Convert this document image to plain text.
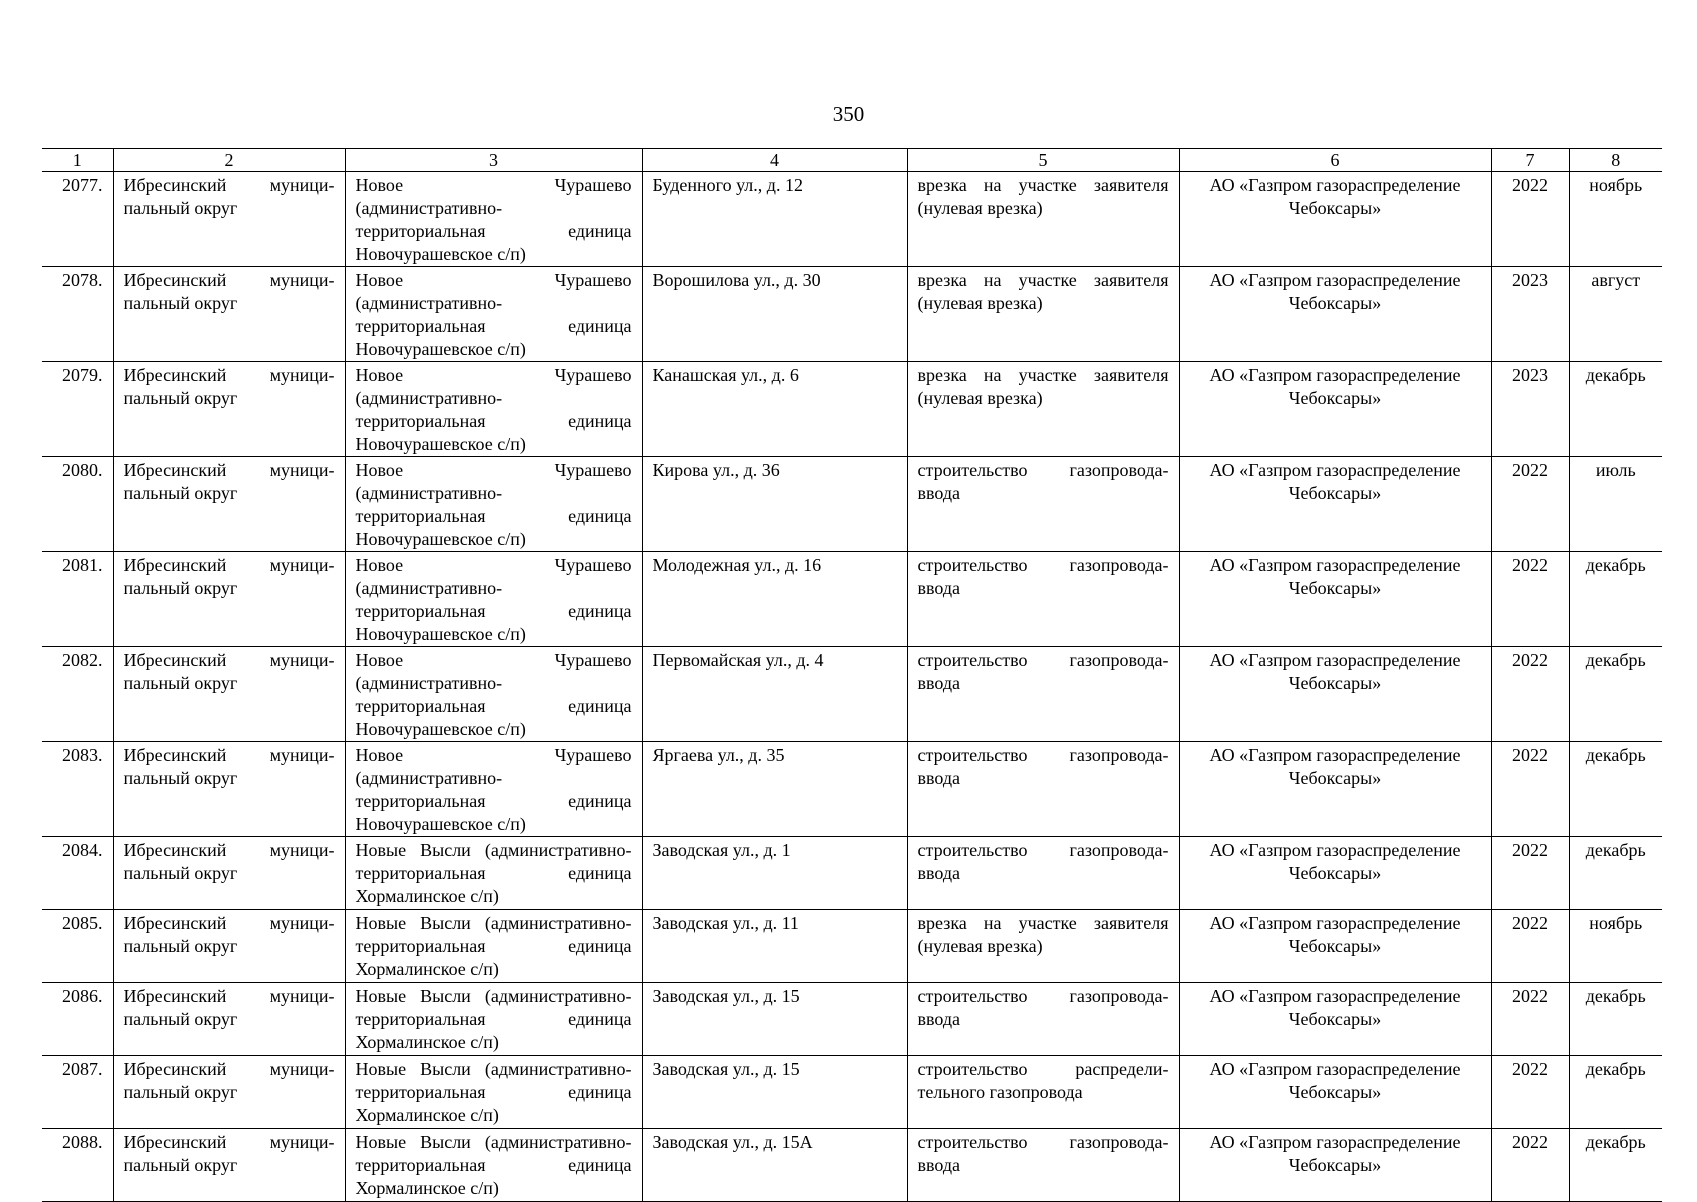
350
1	2	3	4	5	6	7	8
2077.	Ибресинский муници-пальный округ	Новое Чурашево (административно-территориальная единица Новочурашевское с/п)	Буденного ул., д. 12	врезка на участке заявителя (нулевая врезка)	АО «Газпром газораспределение Чебоксары»	2022	ноябрь
2078.	Ибресинский муници-пальный округ	Новое Чурашево (административно-территориальная единица Новочурашевское с/п)	Ворошилова ул., д. 30	врезка на участке заявителя (нулевая врезка)	АО «Газпром газораспределение Чебоксары»	2023	август
2079.	Ибресинский муници-пальный округ	Новое Чурашево (административно-территориальная единица Новочурашевское с/п)	Канашская ул., д. 6	врезка на участке заявителя (нулевая врезка)	АО «Газпром газораспределение Чебоксары»	2023	декабрь
2080.	Ибресинский муници-пальный округ	Новое Чурашево (административно-территориальная единица Новочурашевское с/п)	Кирова ул., д. 36	строительство газопровода-ввода	АО «Газпром газораспределение Чебоксары»	2022	июль
2081.	Ибресинский муници-пальный округ	Новое Чурашево (административно-территориальная единица Новочурашевское с/п)	Молодежная ул., д. 16	строительство газопровода-ввода	АО «Газпром газораспределение Чебоксары»	2022	декабрь
2082.	Ибресинский муници-пальный округ	Новое Чурашево (административно-территориальная единица Новочурашевское с/п)	Первомайская ул., д. 4	строительство газопровода-ввода	АО «Газпром газораспределение Чебоксары»	2022	декабрь
2083.	Ибресинский муници-пальный округ	Новое Чурашево (административно-территориальная единица Новочурашевское с/п)	Яргаева ул., д. 35	строительство газопровода-ввода	АО «Газпром газораспределение Чебоксары»	2022	декабрь
2084.	Ибресинский муници-пальный округ	Новые Высли (административно-территориальная единица Хормалинское с/п)	Заводская ул., д. 1	строительство газопровода-ввода	АО «Газпром газораспределение Чебоксары»	2022	декабрь
2085.	Ибресинский муници-пальный округ	Новые Высли (административно-территориальная единица Хормалинское с/п)	Заводская ул., д. 11	врезка на участке заявителя (нулевая врезка)	АО «Газпром газораспределение Чебоксары»	2022	ноябрь
2086.	Ибресинский муници-пальный округ	Новые Высли (административно-территориальная единица Хормалинское с/п)	Заводская ул., д. 15	строительство газопровода-ввода	АО «Газпром газораспределение Чебоксары»	2022	декабрь
2087.	Ибресинский муници-пальный округ	Новые Высли (административно-территориальная единица Хормалинское с/п)	Заводская ул., д. 15	строительство распредели-тельного газопровода	АО «Газпром газораспределение Чебоксары»	2022	декабрь
2088.	Ибресинский муници-пальный округ	Новые Высли (административно-территориальная единица Хормалинское с/п)	Заводская ул., д. 15А	строительство газопровода-ввода	АО «Газпром газораспределение Чебоксары»	2022	декабрь
